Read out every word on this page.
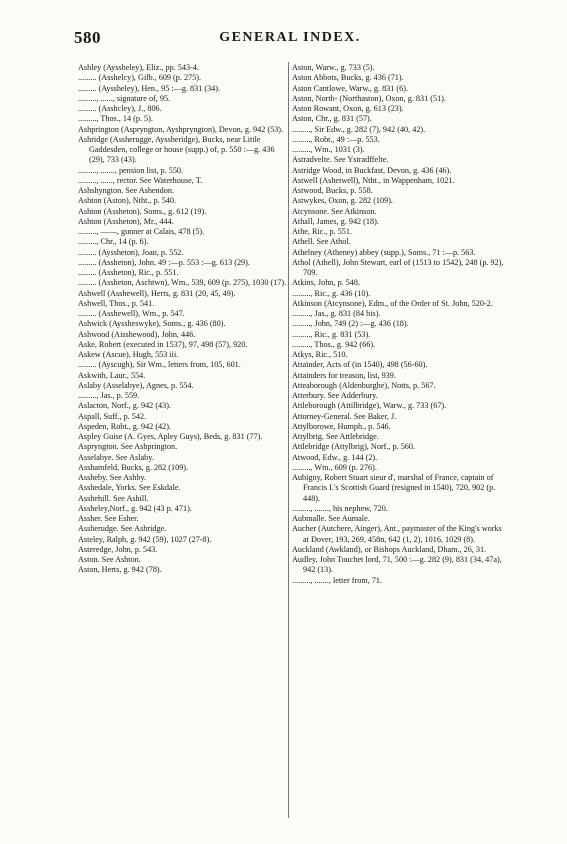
580	GENERAL INDEX.

Ashley (Ayssheley), Eliz., pp. 543-4.

......... (Asshelcy), Gilb., 609 (p. 275).

......... (Ayssheley), Hen., 95 :—g. 831 (34).

........., ......, signature of, 95.

......... (Asshcley), J., 806.

........., Thos., 14 (p. 5).

Ashprington (Aspryngton, Ayshpryngton), Devon, g. 942 (53).

Ashridge (Assherugge, Ayssheridge), Bucks, near Little Gaddesden, college or house (supp.) of, p. 550 :—g. 436 (29), 733 (43).

........., ......., pension list, p. 550.

........., ......, rector. See Waterhouse, T.

Ashshyngton. See Ashendon.

Ashton (Aston), Ntht., p. 540.

Ashton (Assheton), Soms., g. 612 (19).

Ashton (Assheton), Mr., 444.

........., ——, gunner at Calais, 478 (5).

........., Chr., 14 (p. 6).

......... (Ayssheton), Joan, p. 552.

......... (Assheton), John, 49 :—p. 553 :—g. 613 (29).

......... (Assheton), Ric., p. 551.

......... (Assheton, Aschtwn), Wm., 539, 609 (p. 275), 1030 (17).

Ashwell (Asshewell), Herts, g. 831 (20, 45, 49).

Ashwell, Thos., p. 541.

......... (Asshewell), Wm., p. 547.

Ashwick (Ayssheswyke), Soms., g. 436 (80).

Ashwood (Aisshewood), John, 446.

Aske, Robert (executed in 1537), 97, 498 (57), 920.

Askew (Ascue), Hugh, 553 iii.

......... (Ayscugh), Sir Wm., letters from, 105, 601.

Askwith, Laur., 554.

Aslaby (Asselabye), Agnes, p. 554.

........., Jas., p. 559.

Aslacton, Norf., g. 942 (43).

Aspall, Suff., p. 542.

Aspeden, Robt., g. 942 (42).

Aspley Guise (A. Gyes, Apley Guys), Beds, g. 831 (77).

Aspryngton. See Ashprington.

Asselabye. See Aslaby.

Asshamfeld, Bucks, g. 282 (109).

Assheby. See Ashby.

Asshedale, Yorks. See Eskdale.

Asshehill. See Ashill.

Assheley,Norf., g. 942 (43 p. 471).

Assher. See Esher.

Assherudge. See Ashridge.

Asteley, Ralph, g. 942 (59), 1027 (27-8).

Asteredge, John, p. 543.

Aston. See Ashton.

Aston, Herts, g. 942 (78).

Aston, Warw., g. 733 (5).

Aston Abbots, Bucks, g. 436 (71).

Aston Cantlowe, Warw., g. 831 (6).

Aston, North- (Northaston), Oxon, g. 831 (51).

Aston Rowant, Oxon, g. 613 (23).

Aston, Chr., g. 831 (57).

........., Sir Edw., g. 282 (7), 942 (40, 42).

........., Robt., 49 :—p. 553.

........., Wm., 1031 (3).

Astradvelte. See Ystradffelte.

Astridge Wood, in Buckfast, Devon, g. 436 (46).

Astwell (Ashetwell), Ntht., in Wappenham, 1021.

Astwood, Bucks, p. 558.

Astwykes, Oxon, g. 282 (109).

Atcynsone. See Atkinson.

Athall, James, g. 942 (18).

Athe, Ric., p. 551.

Athell. See Athol.

Athelney (Atheney) abbey (supp.), Soms., 71 :—p. 563.

Athol (Athell), John Stewart, earl of (1513 to 1542), 248 (p. 92), 709.

Atkins, John, p. 548.

........., Ric., g. 436 (10).

Atkinson (Atcynsone), Edm., of the Order of St. John, 520-2.

........., Jas., g. 831 (84 bis).

........., John, 749 (2) :—g. 436 (18).

........., Ric., g. 831 (53).

........., Thos., g. 942 (66).

Atkys, Ric., 510.

Attainder, Acts of (in 1540), 498 (56-60).

Attainders for treason, list, 939.

Atteaborough (Aldenburghe), Notts, p. 567.

Atterbury. See Adderbury.

Attleborough (Attilbridge), Warw., g. 733 (67).

Attorney-General. See Baker, J.

Attylborowe, Humph., p. 546.

Attylbrig. See Attlebridge.

Attlebridge (Attylbrig), Norf., p. 560.

Atwood, Edw., g. 144 (2).

........., Wm., 609 (p. 276).

Aubigny, Robert Stuart sieur d', marshal of France, captain of Francis I.'s Scottish Guard (resigned in 1540), 720, 902 (p. 448).

........., ......., his nephew, 720.

Aubmalle. See Aumale.

Aucher (Autchere, Ainger), Ant., paymaster of the King's works at Dover, 193, 269, 458n, 642 (1, 2), 1016, 1029 (8).

Auckland (Awkland), or Bishops Auckland, Dham., 26, 31.

Audley, John Touchet lord, 71, 500 :—g. 282 (9), 831 (34, 47a), 942 (13).

........., ......., letter from, 71.
